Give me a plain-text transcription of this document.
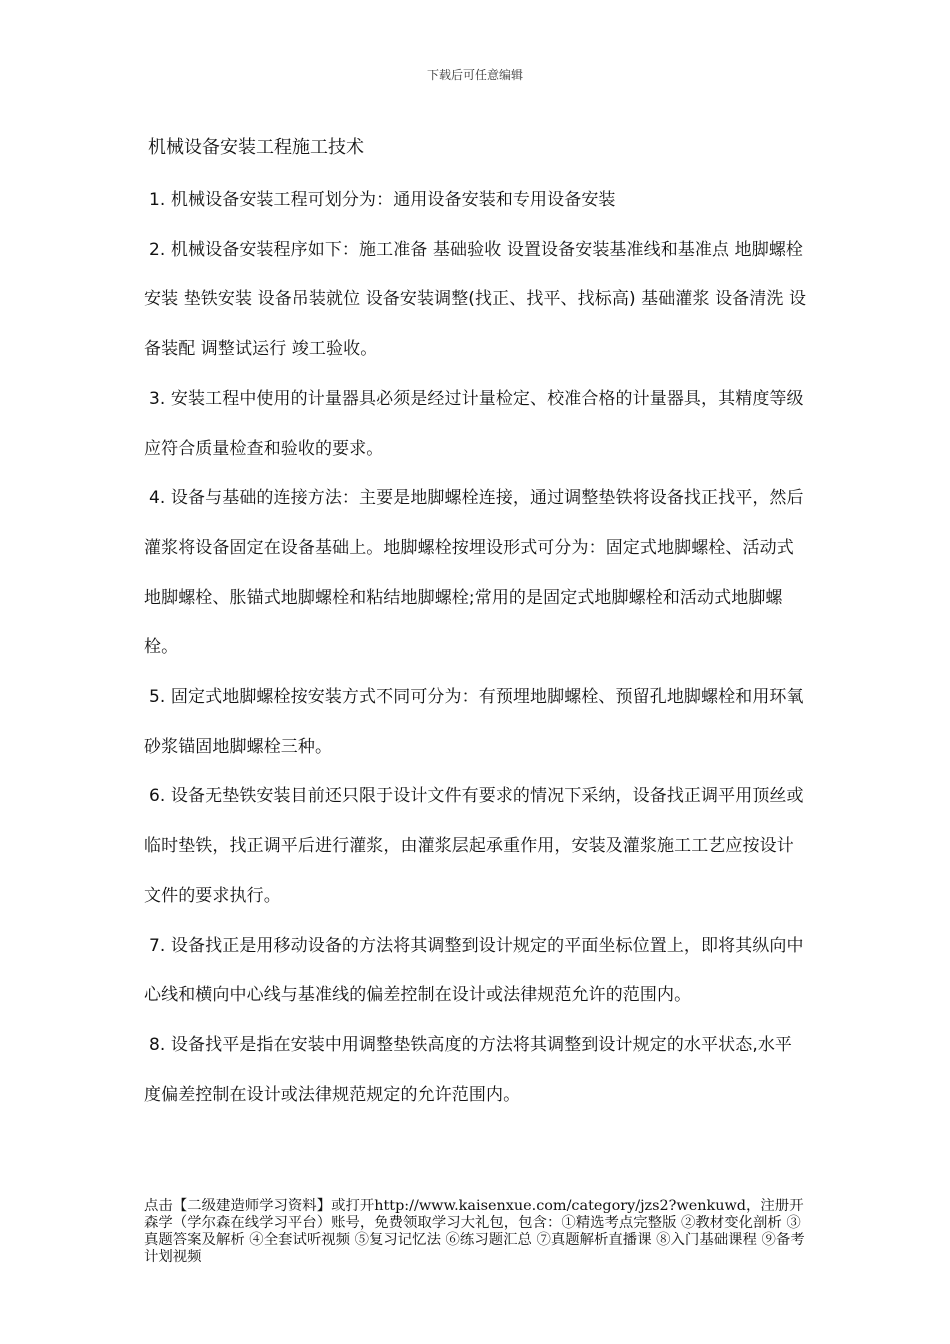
下载后可任意编辑
机械设备安装工程施工技术

1. 机械设备安装工程可划分为：通用设备安装和专用设备安装

2. 机械设备安装程序如下：施工准备 基础验收 设置设备安装基准线和基准点 地脚螺栓安装 垫铁安装 设备吊装就位 设备安装调整(找正、找平、找标高) 基础灌浆 设备清洗 设备装配 调整试运行 竣工验收。

3. 安装工程中使用的计量器具必须是经过计量检定、校准合格的计量器具，其精度等级应符合质量检查和验收的要求。

4. 设备与基础的连接方法：主要是地脚螺栓连接，通过调整垫铁将设备找正找平，然后灌浆将设备固定在设备基础上。地脚螺栓按埋设形式可分为：固定式地脚螺栓、活动式地脚螺栓、胀锚式地脚螺栓和粘结地脚螺栓;常用的是固定式地脚螺栓和活动式地脚螺栓。

5. 固定式地脚螺栓按安装方式不同可分为：有预埋地脚螺栓、预留孔地脚螺栓和用环氧砂浆锚固地脚螺栓三种。

6. 设备无垫铁安装目前还只限于设计文件有要求的情况下采纳，设备找正调平用顶丝或临时垫铁，找正调平后进行灌浆，由灌浆层起承重作用，安装及灌浆施工工艺应按设计文件的要求执行。

7. 设备找正是用移动设备的方法将其调整到设计规定的平面坐标位置上，即将其纵向中心线和横向中心线与基准线的偏差控制在设计或法律规范允许的范围内。

8. 设备找平是指在安装中用调整垫铁高度的方法将其调整到设计规定的水平状态,水平度偏差控制在设计或法律规范规定的允许范围内。

点击【二级建造师学习资料】或打开http://www.kaisenxue.com/category/jzs2?wenkuwd，注册开森学（学尔森在线学习平台）账号，免费领取学习大礼包，包含：①精选考点完整版 ②教材变化剖析 ③真题答案及解析 ④全套试听视频 ⑤复习记忆法 ⑥练习题汇总 ⑦真题解析直播课 ⑧入门基础课程 ⑨备考计划视频
